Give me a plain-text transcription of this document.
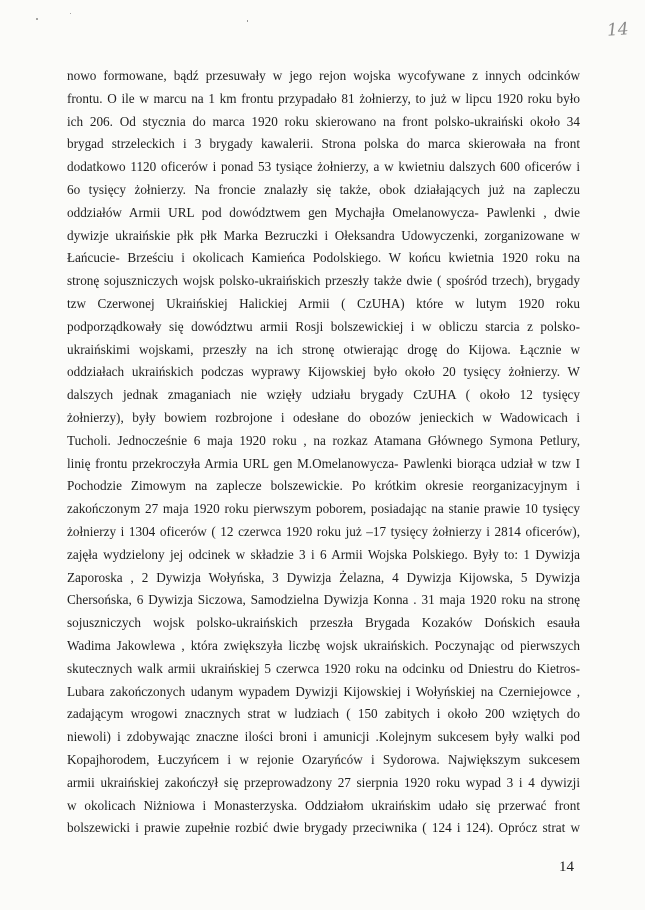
14
nowo formowane, bądź przesuwały w jego rejon wojska wycofywane z innych odcinków
frontu. O ile w marcu na 1 km frontu przypadało 81 żołnierzy, to już w lipcu 1920 roku było
ich 206. Od stycznia do marca 1920 roku skierowano na front polsko-ukraiński około 34
brygad strzeleckich i 3 brygady kawalerii. Strona polska do marca skierowała na front
dodatkowo 1120 oficerów i ponad 53 tysiące żołnierzy, a w kwietniu dalszych 600 oficerów i
6o tysięcy żołnierzy. Na froncie znalazły się także, obok działających już na zapleczu
oddziałów Armii URL pod dowództwem gen Mychajła Omelanowycza- Pawlenki , dwie
dywizje ukraińskie płk płk Marka Bezruczki i Ołeksandra Udowyczenki, zorganizowane w
Łańcucie- Brześciu i okolicach Kamieńca Podolskiego. W końcu kwietnia 1920 roku na
stronę sojuszniczych wojsk polsko-ukraińskich przeszły także dwie ( spośród trzech), brygady
tzw Czerwonej Ukraińskiej Halickiej Armii ( CzUHA) które w lutym 1920 roku
podporządkowały się dowództwu armii Rosji bolszewickiej i w obliczu starcia z polsko-
ukraińskimi wojskami, przeszły na ich stronę otwierając drogę do Kijowa. Łącznie w
oddziałach ukraińskich podczas wyprawy Kijowskiej było około 20 tysięcy żołnierzy. W
dalszych jednak zmaganiach nie wzięły udziału brygady CzUHA ( około 12 tysięcy
żołnierzy), były bowiem rozbrojone i odesłane do obozów jenieckich w Wadowicach i
Tucholi. Jednocześnie 6 maja 1920 roku , na rozkaz Atamana Głównego Symona Petlury,
linię frontu przekroczyła Armia URL gen M.Omelanowycza- Pawlenki biorąca udział w tzw I
Pochodzie Zimowym na zaplecze bolszewickie. Po krótkim okresie reorganizacyjnym i
zakończonym 27 maja 1920 roku pierwszym poborem, posiadając na stanie prawie 10 tysięcy
żołnierzy i 1304 oficerów ( 12 czerwca 1920 roku już –17 tysięcy żołnierzy i 2814 oficerów),
zajęła wydzielony jej odcinek w składzie 3 i 6 Armii Wojska Polskiego. Były to: 1 Dywizja
Zaporoska , 2 Dywizja Wołyńska, 3 Dywizja Żelazna, 4 Dywizja Kijowska, 5 Dywizja
Chersońska, 6 Dywizja Siczowa, Samodzielna Dywizja Konna . 31 maja 1920 roku na stronę
sojuszniczych wojsk polsko-ukraińskich przeszła Brygada Kozaków Dońskich esauła
Wadima Jakowlewa , która zwiększyła liczbę wojsk ukraińskich. Poczynając od pierwszych
skutecznych walk armii ukraińskiej 5 czerwca 1920 roku na odcinku od Dniestru do Kietros-
Lubara zakończonych udanym wypadem Dywizji Kijowskiej i Wołyńskiej na Czerniejowce ,
zadającym wrogowi znacznych strat w ludziach ( 150 zabitych i około 200 wziętych do
niewoli) i zdobywając znaczne ilości broni i amunicji .Kolejnym sukcesem były walki pod
Kopajhorodem, Łuczyńcem i w rejonie Ozaryńców i Sydorowa. Największym sukcesem
armii ukraińskiej zakończył się przeprowadzony 27 sierpnia 1920 roku wypad 3 i 4 dywizji
w okolicach Niżniowa i Monasterzyska. Oddziałom ukraińskim udało się przerwać front
bolszewicki i prawie zupełnie rozbić dwie brygady przeciwnika ( 124 i 124). Oprócz strat w
14
